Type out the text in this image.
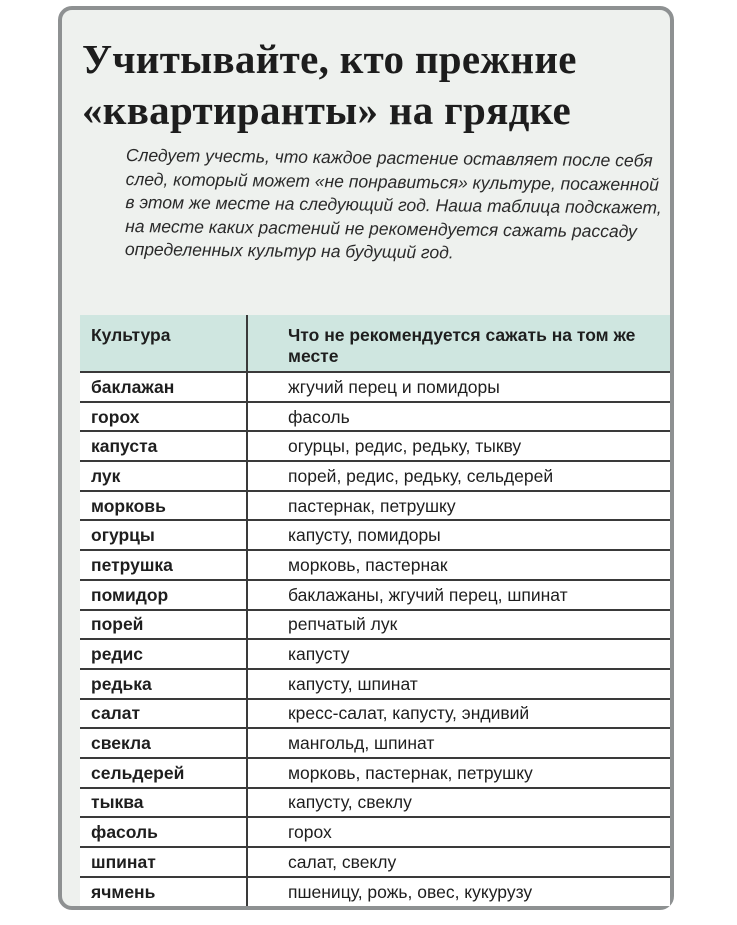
Учитывайте, кто прежние «квартиранты» на грядке

Следует учесть, что каждое растение оставляет после себя след, который может «не понравиться» культуре, посаженной в этом же месте на следующий год. Наша таблица подскажет, на месте каких растений не рекомендуется сажать рассаду определенных культур на будущий год.

Культура	Что не рекомендуется сажать на том же месте
баклажан	жгучий перец и помидоры
горох	фасоль
капуста	огурцы, редис, редьку, тыкву
лук	порей, редис, редьку, сельдерей
морковь	пастернак, петрушку
огурцы	капусту, помидоры
петрушка	морковь, пастернак
помидор	баклажаны, жгучий перец, шпинат
порей	репчатый лук
редис	капусту
редька	капусту, шпинат
салат	кресс-салат, капусту, эндивий
свекла	мангольд, шпинат
сельдерей	морковь, пастернак, петрушку
тыква	капусту, свеклу
фасоль	горох
шпинат	салат, свеклу
ячмень	пшеницу, рожь, овес, кукурузу
